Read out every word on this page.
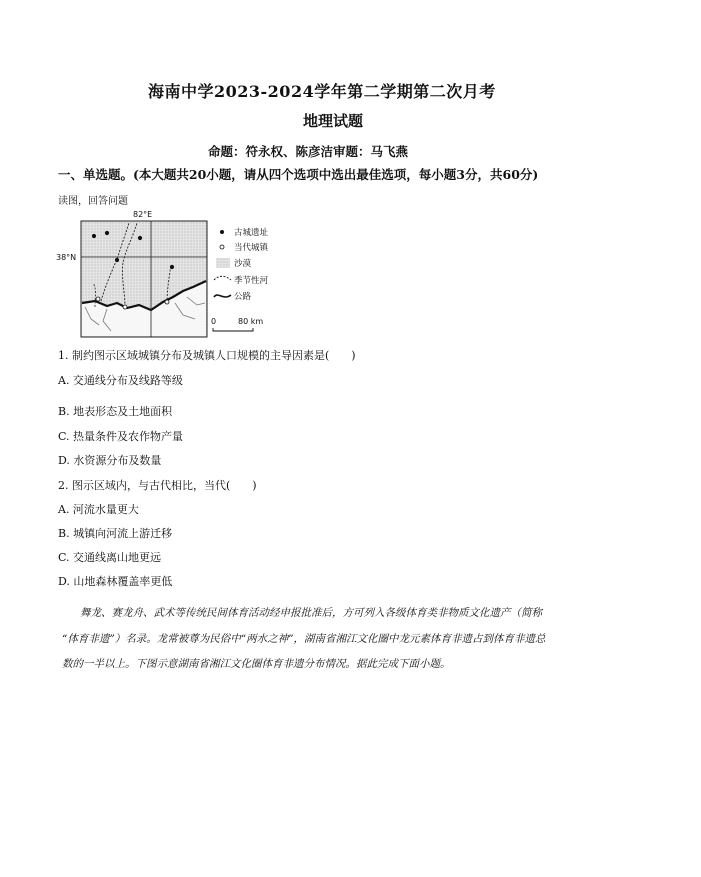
海南中学2023-2024学年第二学期第二次月考
地理试题
命题：符永权、陈彦洁审题：马飞燕
一、单选题。(本大题共20小题，请从四个选项中选出最佳选项，每小题3分，共60分)
读图，回答问题
82°E
38°N
古城遗址
当代城镇
沙漠
季节性河
公路
0	80 km
1. 制约图示区域城镇分布及城镇人口规模的主导因素是(　　)
A. 交通线分布及线路等级
B. 地表形态及土地面积
C. 热量条件及农作物产量
D. 水资源分布及数量
2. 图示区域内，与古代相比，当代(　　)
A. 河流水量更大
B. 城镇向河流上游迁移
C. 交通线离山地更远
D. 山地森林覆盖率更低
舞龙、赛龙舟、武术等传统民间体育活动经申报批准后，方可列入各级体育类非物质文化遗产（简称
“体育非遗”）名录。龙常被尊为民俗中“两水之神”，湖南省湘江文化圈中龙元素体育非遗占到体育非遗总
数的一半以上。下图示意湖南省湘江文化圈体育非遗分布情况。据此完成下面小题。
